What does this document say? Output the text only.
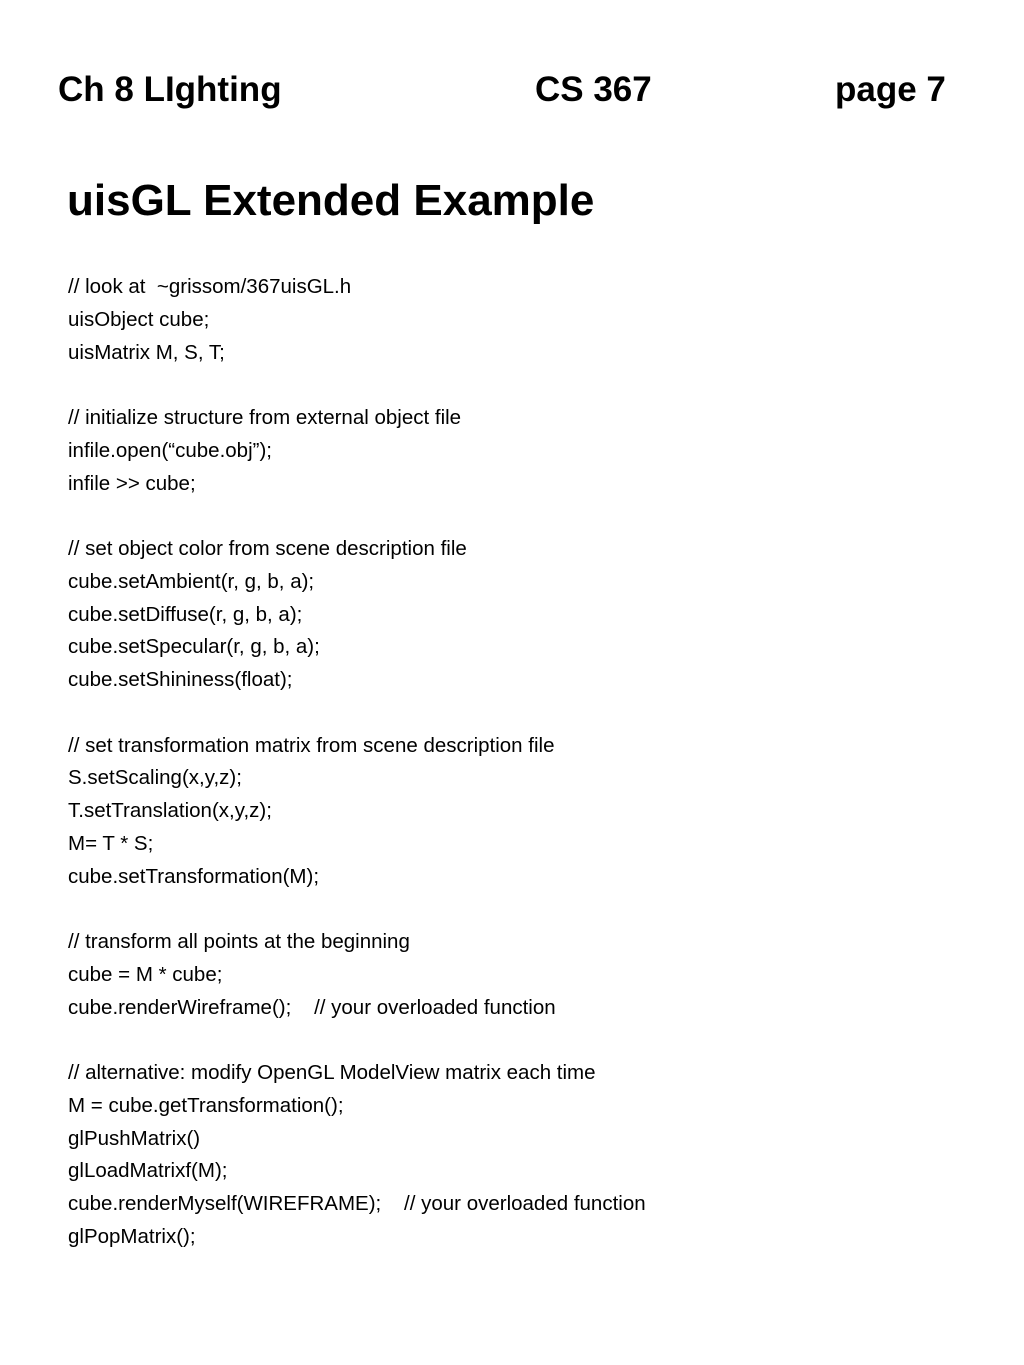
Ch 8 LIghting	CS 367	page 7
uisGL Extended Example
// look at  ~grissom/367uisGL.h
uisObject cube;
uisMatrix M, S, T;
// initialize structure from external object file
infile.open(“cube.obj”);
infile >> cube;
// set object color from scene description file
cube.setAmbient(r, g, b, a);
cube.setDiffuse(r, g, b, a);
cube.setSpecular(r, g, b, a);
cube.setShininess(float);
// set transformation matrix from scene description file
S.setScaling(x,y,z);
T.setTranslation(x,y,z);
M= T * S;
cube.setTransformation(M);
// transform all points at the beginning
cube = M * cube;
cube.renderWireframe();    // your overloaded function
// alternative: modify OpenGL ModelView matrix each time
M = cube.getTransformation();
glPushMatrix()
glLoadMatrixf(M);
cube.renderMyself(WIREFRAME);    // your overloaded function
glPopMatrix();
